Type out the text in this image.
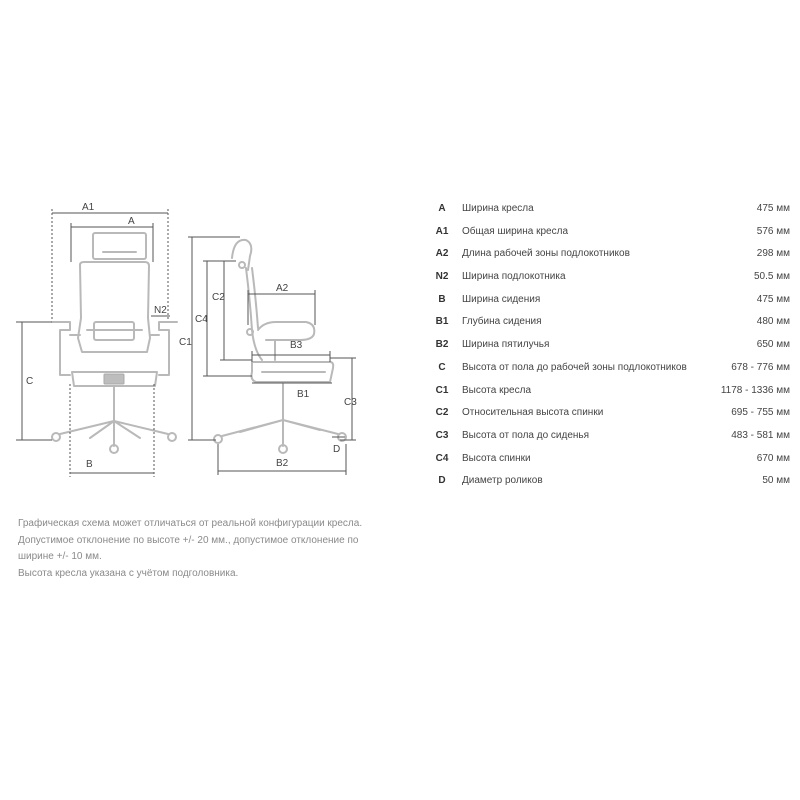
A1
A
N2
C
B
C1
C4
C2
A2
B3
B1
C3
D
B2
A	Ширина кресла	475 мм
A1	Общая ширина кресла	576 мм
A2	Длина рабочей зоны подлокотников	298 мм
N2	Ширина подлокотника	50.5 мм
B	Ширина сидения	475 мм
B1	Глубина сидения	480 мм
B2	Ширина пятилучья	650 мм
C	Высота от пола до рабочей зоны подлокотников	678 - 776 мм
C1	Высота кресла	1178 - 1336 мм
C2	Относительная высота спинки	695 - 755 мм
C3	Высота от пола до сиденья	483 - 581 мм
C4	Высота спинки	670 мм
D	Диаметр роликов	50 мм

Графическая схема может отличаться от реальной конфигурации кресла.

Допустимое отклонение по высоте +/- 20 мм., допустимое отклонение по ширине +/- 10 мм.

Высота кресла указана с учётом подголовника.
